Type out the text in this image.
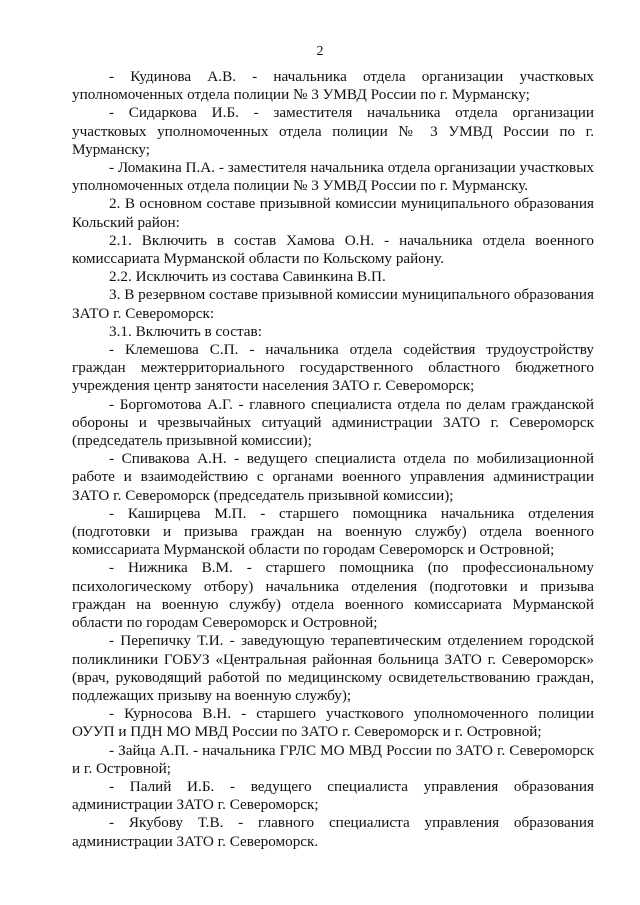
2

- Кудинова А.В. - начальника отдела организации участковых уполномоченных отдела полиции № 3 УМВД России по г. Мурманску;

- Сидаркова И.Б. - заместителя начальника отдела организации участковых уполномоченных отдела полиции № 3 УМВД России по г. Мурманску;

- Ломакина П.А. - заместителя начальника отдела организации участковых уполномоченных отдела полиции № 3 УМВД России по г. Мурманску.

2. В основном составе призывной комиссии муниципального образования Кольский район:

2.1. Включить в состав Хамова О.Н. - начальника отдела военного комиссариата Мурманской области по Кольскому району.

2.2. Исключить из состава Савинкина В.П.

3. В резервном составе призывной комиссии муниципального образования ЗАТО г. Североморск:

3.1. Включить в состав:

- Клемешова С.П. - начальника отдела содействия трудоустройству граждан межтерриториального государственного областного бюджетного учреждения центр занятости населения ЗАТО г. Североморск;

- Боргомотова А.Г. - главного специалиста отдела по делам гражданской обороны и чрезвычайных ситуаций администрации ЗАТО г. Североморск (председатель призывной комиссии);

- Спивакова А.Н. - ведущего специалиста отдела по мобилизационной работе и взаимодействию с органами военного управления администрации ЗАТО г. Североморск (председатель призывной комиссии);

- Каширцева М.П. - старшего помощника начальника отделения (подготовки и призыва граждан на военную службу) отдела военного комиссариата Мурманской области по городам Североморск и Островной;

- Нижника В.М. - старшего помощника (по профессиональному психологическому отбору) начальника отделения (подготовки и призыва граждан на военную службу) отдела военного комиссариата Мурманской области по городам Североморск и Островной;

- Перепичку Т.И. - заведующую терапевтическим отделением городской поликлиники ГОБУЗ «Центральная районная больница ЗАТО г. Североморск» (врач, руководящий работой по медицинскому освидетельствованию граждан, подлежащих призыву на военную службу);

- Курносова В.Н. - старшего участкового уполномоченного полиции ОУУП и ПДН МО МВД России по ЗАТО г. Североморск и г. Островной;

- Зайца А.П. - начальника ГРЛС МО МВД России по ЗАТО г. Североморск и г. Островной;

- Палий И.Б. - ведущего специалиста управления образования администрации ЗАТО г. Североморск;

- Якубову Т.В. - главного специалиста управления образования администрации ЗАТО г. Североморск.
